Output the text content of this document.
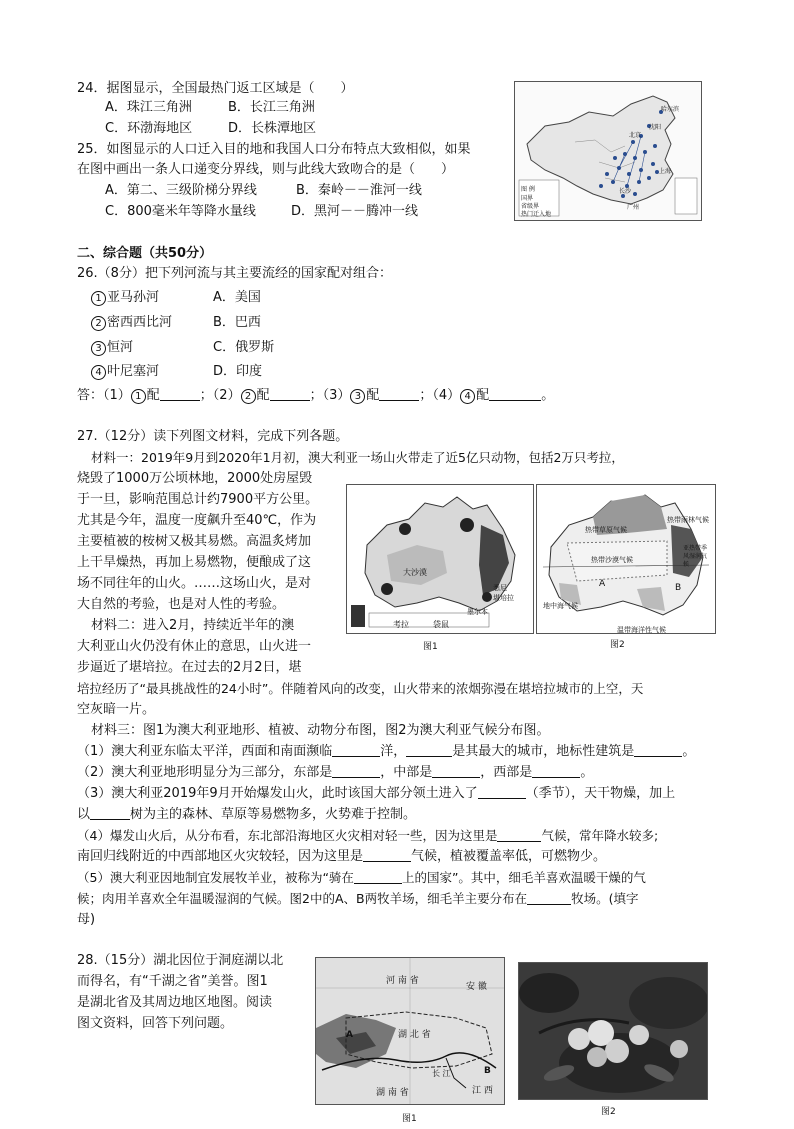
24．据图显示，全国最热门返工区域是（　　）
A．珠江三角洲	B．长江三角洲
C．环渤海地区	D．长株潭地区
25．如图显示的人口迁入目的地和我国人口分布特点大致相似，如果
在图中画出一条人口递变分界线，则与此线大致吻合的是（　　）
A．第二、三级阶梯分界线	B．秦岭－－淮河一线
C．800毫米年等降水量线	D．黑河－－腾冲一线
图 例
国界
省级界
热门迁入地
哈尔滨
北京
沈阳
上海
长沙
广州
二、综合题（共50分）
26.（8分）把下列河流与其主要流经的国家配对组合：
1 亚马孙河	A．美国
2 密西西比河	B．巴西
3 恒河	C．俄罗斯
4 叶尼塞河	D．印度
答：（1） 1 配	；（2） 2 配	；（3） 3 配	；（4） 4 配	。
27.（12分）读下列图文材料，完成下列各题。
材料一：2019年9月到2020年1月初，澳大利亚一场山火带走了近5亿只动物，包括2万只考拉，
烧毁了1000万公顷林地，2000处房屋毁
于一旦，影响范围总计约7900平方公里。
尤其是今年，温度一度飙升至40℃，作为
主要植被的桉树又极其易燃。高温炙烤加
上干旱燥热，再加上易燃物，便酿成了这
场不同往年的山火。……这场山火，是对
大自然的考验，也是对人性的考验。
材料二：进入2月，持续近半年的澳
大利亚山火仍没有休止的意思，山火进一
步逼近了堪培拉。在过去的2月2日，堪
培拉经历了“最具挑战性的24小时”。伴随着风向的改变，山火带来的浓烟弥漫在堪培拉城市的上空，天
空灰暗一片。
材料三：图1为澳大利亚地形、植被、动物分布图，图2为澳大利亚气候分布图。
大沙漠
考拉	袋鼠
悉尼
堪培拉
墨尔本
图1
热带草原气候
热带沙漠气候
热带雨林气候
亚热带季风湿润气候
地中海气候
温带海洋性气候
A	B
图2
（1）澳大利亚东临太平洋，西面和南面濒临	洋，	是其最大的城市，地标性建筑是	。
（2）澳大利亚地形明显分为三部分，东部是	，中部是	，西部是	。
（3）澳大利亚2019年9月开始爆发山火，此时该国大部分领土进入了	（季节），天干物燥，加上
以	树为主的森林、草原等易燃物多，火势难于控制。
（4）爆发山火后，从分布看，东北部沿海地区火灾相对轻一些，因为这里是	气候，常年降水较多;
南回归线附近的中西部地区火灾较轻，因为这里是	气候，植被覆盖率低，可燃物少。
（5）澳大利亚因地制宜发展牧羊业，被称为“骑在	上的国家”。其中，细毛羊喜欢温暖干燥的气
候；肉用羊喜欢全年温暖湿润的气候。图2中的A、B两牧羊场，细毛羊主要分布在	牧场。(填字
母)
28.（15分）湖北因位于洞庭湖以北
而得名，有“千湖之省”美誉。图1
是湖北省及其周边地区地图。阅读
图文资料，回答下列问题。
河 南 省
安 徽
湖 北 省
长 江
湖 南 省	江 西
A
B
图1
图2
